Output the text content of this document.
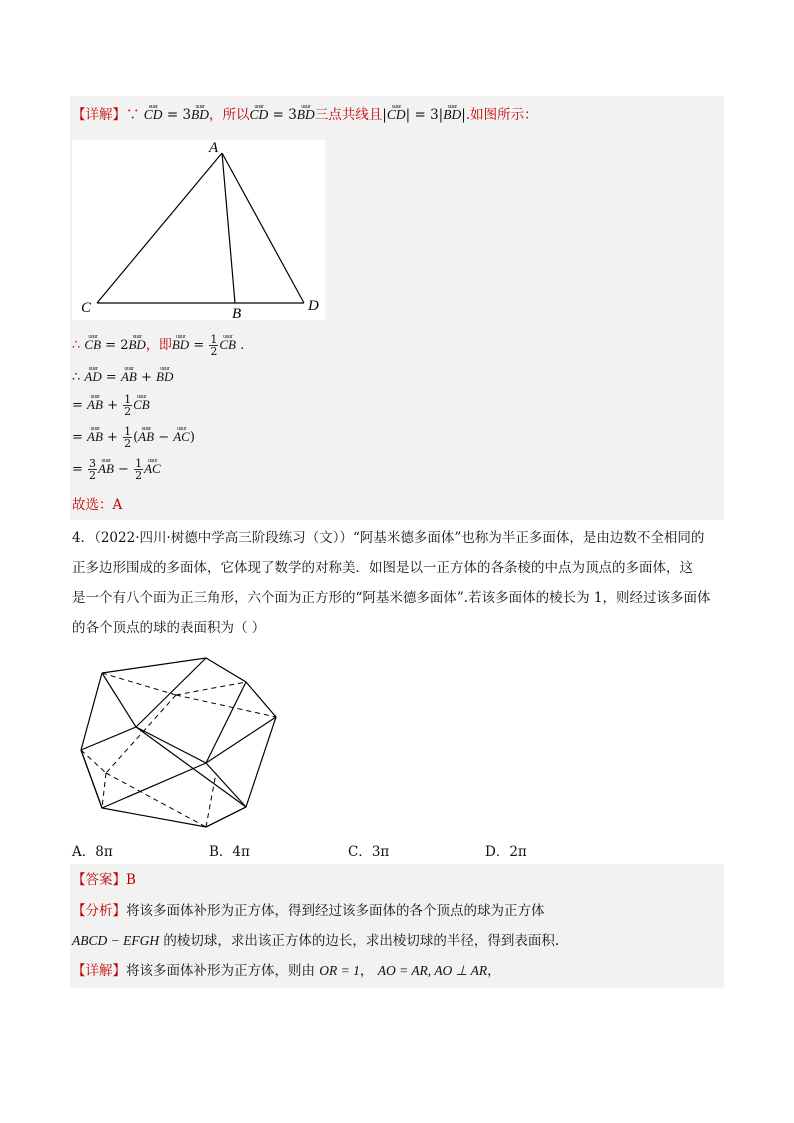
【详解】∵ uuur CD = 3uuur BD，所以uuur CD = 3uuur BD三点共线且|uuur CD| = 3|uuur BD|.如图所示：
A
C	B	D
∴ uuur CB = 2uuur BD，即uuur BD = $\frac{1}{2}$ uuur CB .
∴ uuur AD = uuur AB + uuur BD
= uuur AB + $\frac{1}{2}$ uuur CB
= uuur AB + $\frac{1}{2}$ (uuur AB − uuur AC)
= $\frac{3}{2}$ uuur AB − $\frac{1}{2}$ uuur AC
故选：A
4．（2022·四川·树德中学高三阶段练习（文））“阿基米德多面体”也称为半正多面体，是由边数不全相同的
正多边形围成的多面体，它体现了数学的对称美．如图是以一正方体的各条棱的中点为顶点的多面体，这
是一个有八个面为正三角形，六个面为正方形的“阿基米德多面体”.若该多面体的棱长为 1，则经过该多面体
的各个顶点的球的表面积为（ ）
A．8π	B．4π	C．3π	D．2π
【答案】B
【分析】将该多面体补形为正方体，得到经过该多面体的各个顶点的球为正方体
ABCD − EFGH 的棱切球，求出该正方体的边长，求出棱切球的半径，得到表面积.
【详解】将该多面体补形为正方体，则由 OR = 1， AO = AR, AO ⊥ AR，
